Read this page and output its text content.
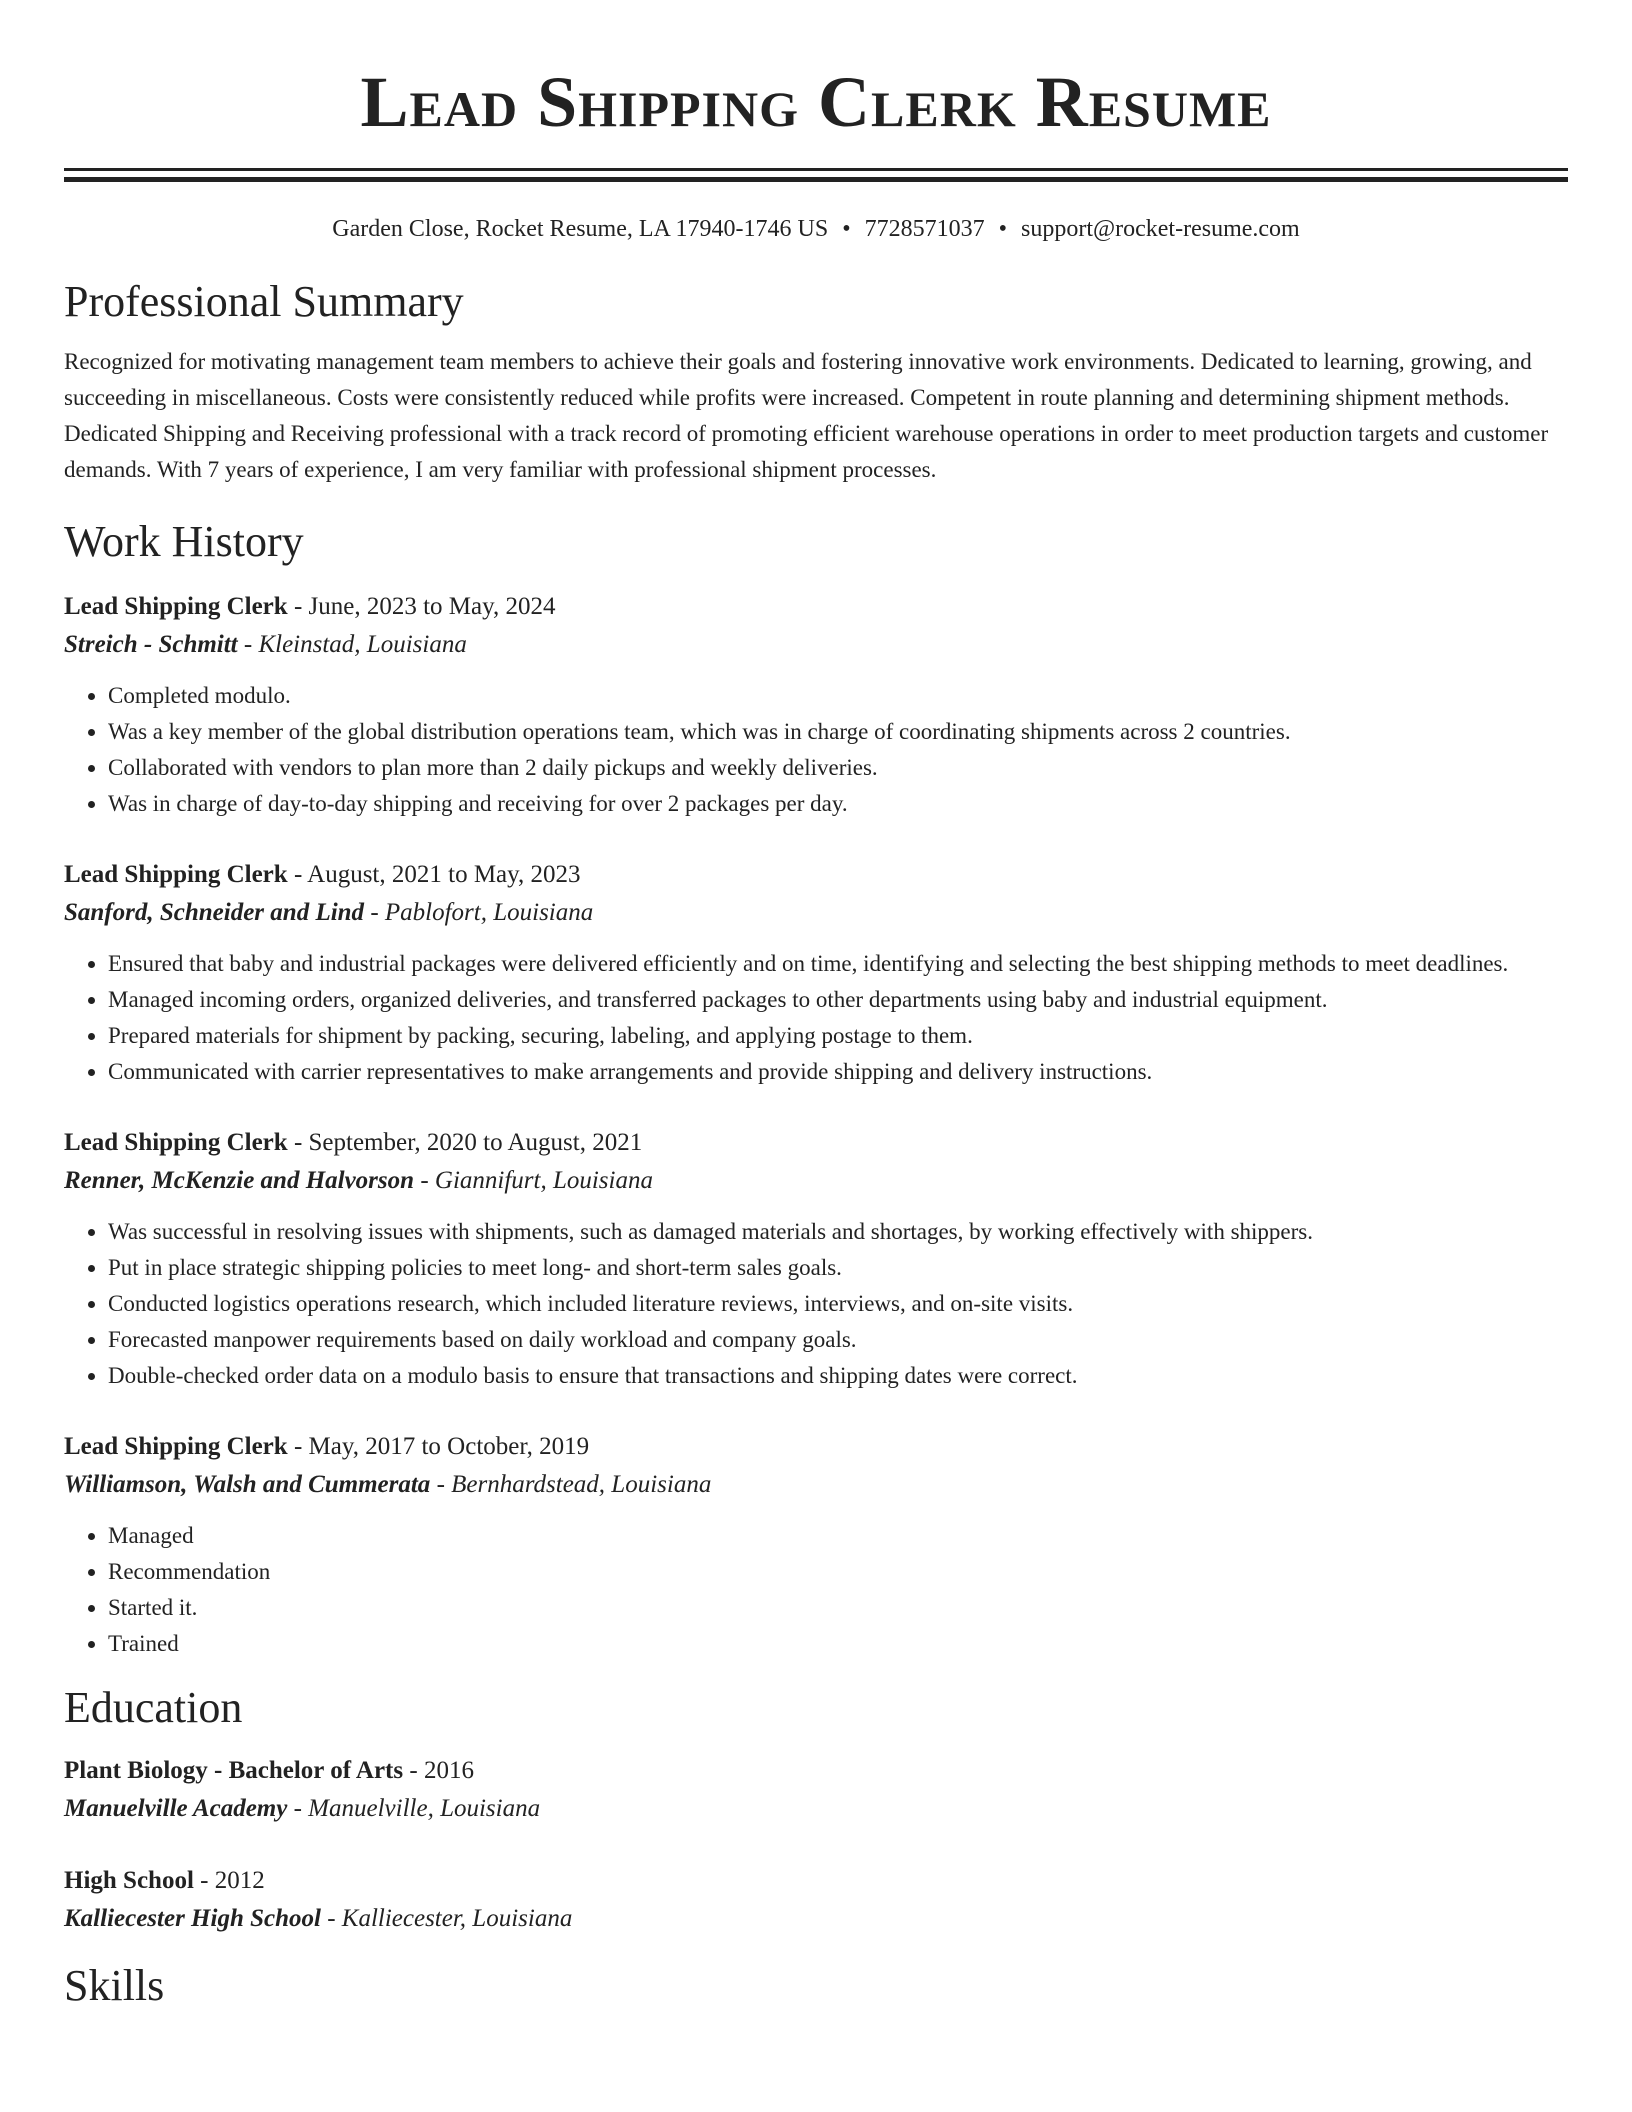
Lead Shipping Clerk Resume
Garden Close, Rocket Resume, LA 17940-1746 US • 7728571037 • support@rocket-resume.com
Professional Summary
Recognized for motivating management team members to achieve their goals and fostering innovative work environments. Dedicated to learning, growing, and succeeding in miscellaneous. Costs were consistently reduced while profits were increased. Competent in route planning and determining shipment methods. Dedicated Shipping and Receiving professional with a track record of promoting efficient warehouse operations in order to meet production targets and customer demands. With 7 years of experience, I am very familiar with professional shipment processes.
Work History
Lead Shipping Clerk - June, 2023 to May, 2024
Streich - Schmitt - Kleinstad, Louisiana
• Completed modulo.
• Was a key member of the global distribution operations team, which was in charge of coordinating shipments across 2 countries.
• Collaborated with vendors to plan more than 2 daily pickups and weekly deliveries.
• Was in charge of day-to-day shipping and receiving for over 2 packages per day.
Lead Shipping Clerk - August, 2021 to May, 2023
Sanford, Schneider and Lind - Pablofort, Louisiana
• Ensured that baby and industrial packages were delivered efficiently and on time, identifying and selecting the best shipping methods to meet deadlines.
• Managed incoming orders, organized deliveries, and transferred packages to other departments using baby and industrial equipment.
• Prepared materials for shipment by packing, securing, labeling, and applying postage to them.
• Communicated with carrier representatives to make arrangements and provide shipping and delivery instructions.
Lead Shipping Clerk - September, 2020 to August, 2021
Renner, McKenzie and Halvorson - Giannifurt, Louisiana
• Was successful in resolving issues with shipments, such as damaged materials and shortages, by working effectively with shippers.
• Put in place strategic shipping policies to meet long- and short-term sales goals.
• Conducted logistics operations research, which included literature reviews, interviews, and on-site visits.
• Forecasted manpower requirements based on daily workload and company goals.
• Double-checked order data on a modulo basis to ensure that transactions and shipping dates were correct.
Lead Shipping Clerk - May, 2017 to October, 2019
Williamson, Walsh and Cummerata - Bernhardstead, Louisiana
• Managed
• Recommendation
• Started it.
• Trained
Education
Plant Biology - Bachelor of Arts - 2016
Manuelville Academy - Manuelville, Louisiana
High School - 2012
Kalliecester High School - Kalliecester, Louisiana
Skills
